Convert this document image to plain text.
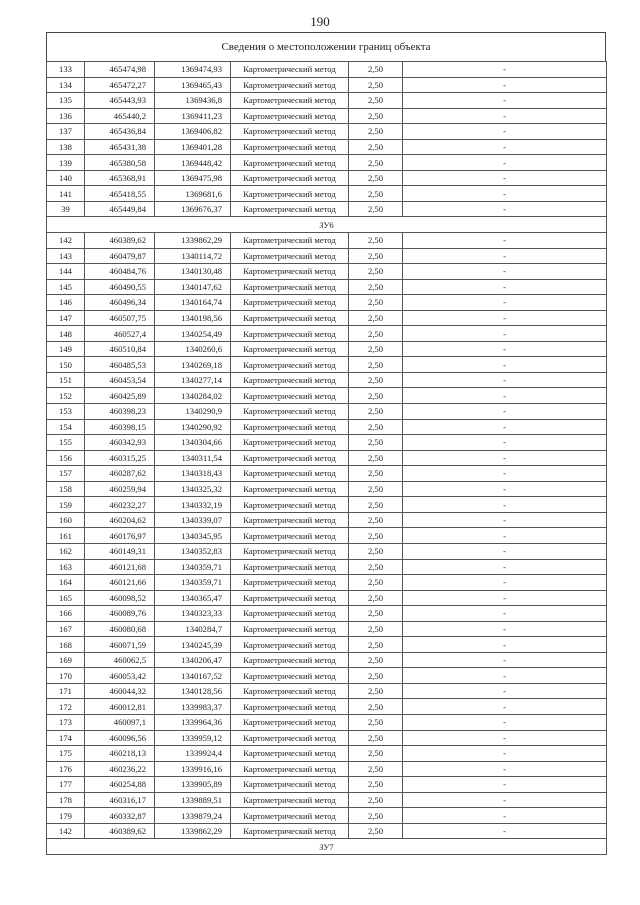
190
Сведения о местоположении границ объекта
133	465474,98	1369474,93	Картометрический метод	2,50	-
134	465472,27	1369465,43	Картометрический метод	2,50	-
135	465443,93	1369436,8	Картометрический метод	2,50	-
136	465440,2	1369411,23	Картометрический метод	2,50	-
137	465436,84	1369406,82	Картометрический метод	2,50	-
138	465431,38	1369401,28	Картометрический метод	2,50	-
139	465380,58	1369448,42	Картометрический метод	2,50	-
140	465368,91	1369475,98	Картометрический метод	2,50	-
141	465418,55	1369681,6	Картометрический метод	2,50	-
39	465449,84	1369676,37	Картометрический метод	2,50	-
ЗУ6					
142	460389,62	1339862,29	Картометрический метод	2,50	-
143	460479,87	1340114,72	Картометрический метод	2,50	-
144	460484,76	1340130,48	Картометрический метод	2,50	-
145	460490,55	1340147,62	Картометрический метод	2,50	-
146	460496,34	1340164,74	Картометрический метод	2,50	-
147	460507,75	1340198,56	Картометрический метод	2,50	-
148	460527,4	1340254,49	Картометрический метод	2,50	-
149	460510,84	1340260,6	Картометрический метод	2,50	-
150	460485,53	1340269,18	Картометрический метод	2,50	-
151	460453,54	1340277,14	Картометрический метод	2,50	-
152	460425,89	1340284,02	Картометрический метод	2,50	-
153	460398,23	1340290,9	Картометрический метод	2,50	-
154	460398,15	1340290,92	Картометрический метод	2,50	-
155	460342,93	1340304,66	Картометрический метод	2,50	-
156	460315,25	1340311,54	Картометрический метод	2,50	-
157	460287,62	1340318,43	Картометрический метод	2,50	-
158	460259,94	1340325,32	Картометрический метод	2,50	-
159	460232,27	1340332,19	Картометрический метод	2,50	-
160	460204,62	1340339,07	Картометрический метод	2,50	-
161	460176,97	1340345,95	Картометрический метод	2,50	-
162	460149,31	1340352,83	Картометрический метод	2,50	-
163	460121,68	1340359,71	Картометрический метод	2,50	-
164	460121,66	1340359,71	Картометрический метод	2,50	-
165	460098,52	1340365,47	Картометрический метод	2,50	-
166	460089,76	1340323,33	Картометрический метод	2,50	-
167	460080,68	1340284,7	Картометрический метод	2,50	-
168	460071,59	1340245,39	Картометрический метод	2,50	-
169	460062,5	1340206,47	Картометрический метод	2,50	-
170	460053,42	1340167,52	Картометрический метод	2,50	-
171	460044,32	1340128,56	Картометрический метод	2,50	-
172	460012,81	1339983,37	Картометрический метод	2,50	-
173	460097,1	1339964,36	Картометрический метод	2,50	-
174	460096,56	1339959,12	Картометрический метод	2,50	-
175	460218,13	1339924,4	Картометрический метод	2,50	-
176	460236,22	1339916,16	Картометрический метод	2,50	-
177	460254,88	1339905,89	Картометрический метод	2,50	-
178	460316,17	1339889,51	Картометрический метод	2,50	-
179	460332,87	1339879,24	Картометрический метод	2,50	-
142	460389,62	1339862,29	Картометрический метод	2,50	-
ЗУ7					
